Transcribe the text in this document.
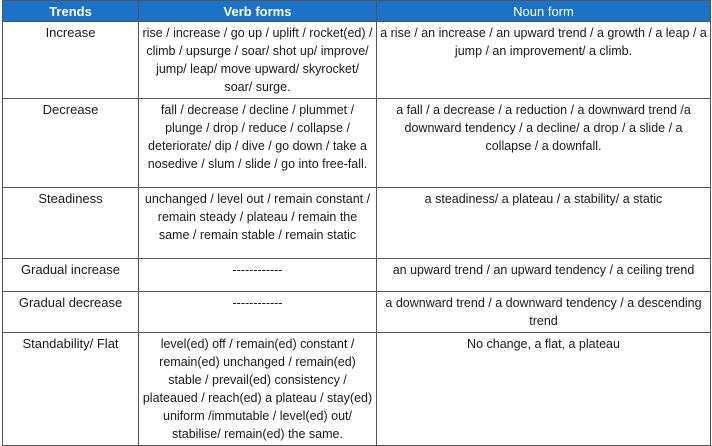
Trends	Verb forms	Noun form
Increase	rise / increase / go up / uplift / rocket(ed) / climb / upsurge / soar/ shot up/ improve/ jump/ leap/ move upward/ skyrocket/ soar/ surge.	a rise / an increase / an upward trend / a growth / a leap / a jump / an improvement/ a climb.
Decrease	fall / decrease / decline / plummet / plunge / drop / reduce / collapse / deteriorate/ dip / dive / go down / take a nosedive / slum / slide / go into free-fall.	a fall / a decrease / a reduction / a downward trend /a downward tendency / a decline/ a drop / a slide / a collapse / a downfall.
Steadiness	unchanged / level out / remain constant / remain steady / plateau / remain the same / remain stable / remain static	a steadiness/ a plateau / a stability/ a static
Gradual increase	------------	an upward trend / an upward tendency / a ceiling trend
Gradual decrease	------------	a downward trend / a downward tendency / a descending trend
Standability/ Flat	level(ed) off / remain(ed) constant / remain(ed) unchanged / remain(ed) stable / prevail(ed) consistency / plateaued / reach(ed) a plateau / stay(ed) uniform /immutable / level(ed) out/ stabilise/ remain(ed) the same.	No change, a flat, a plateau
